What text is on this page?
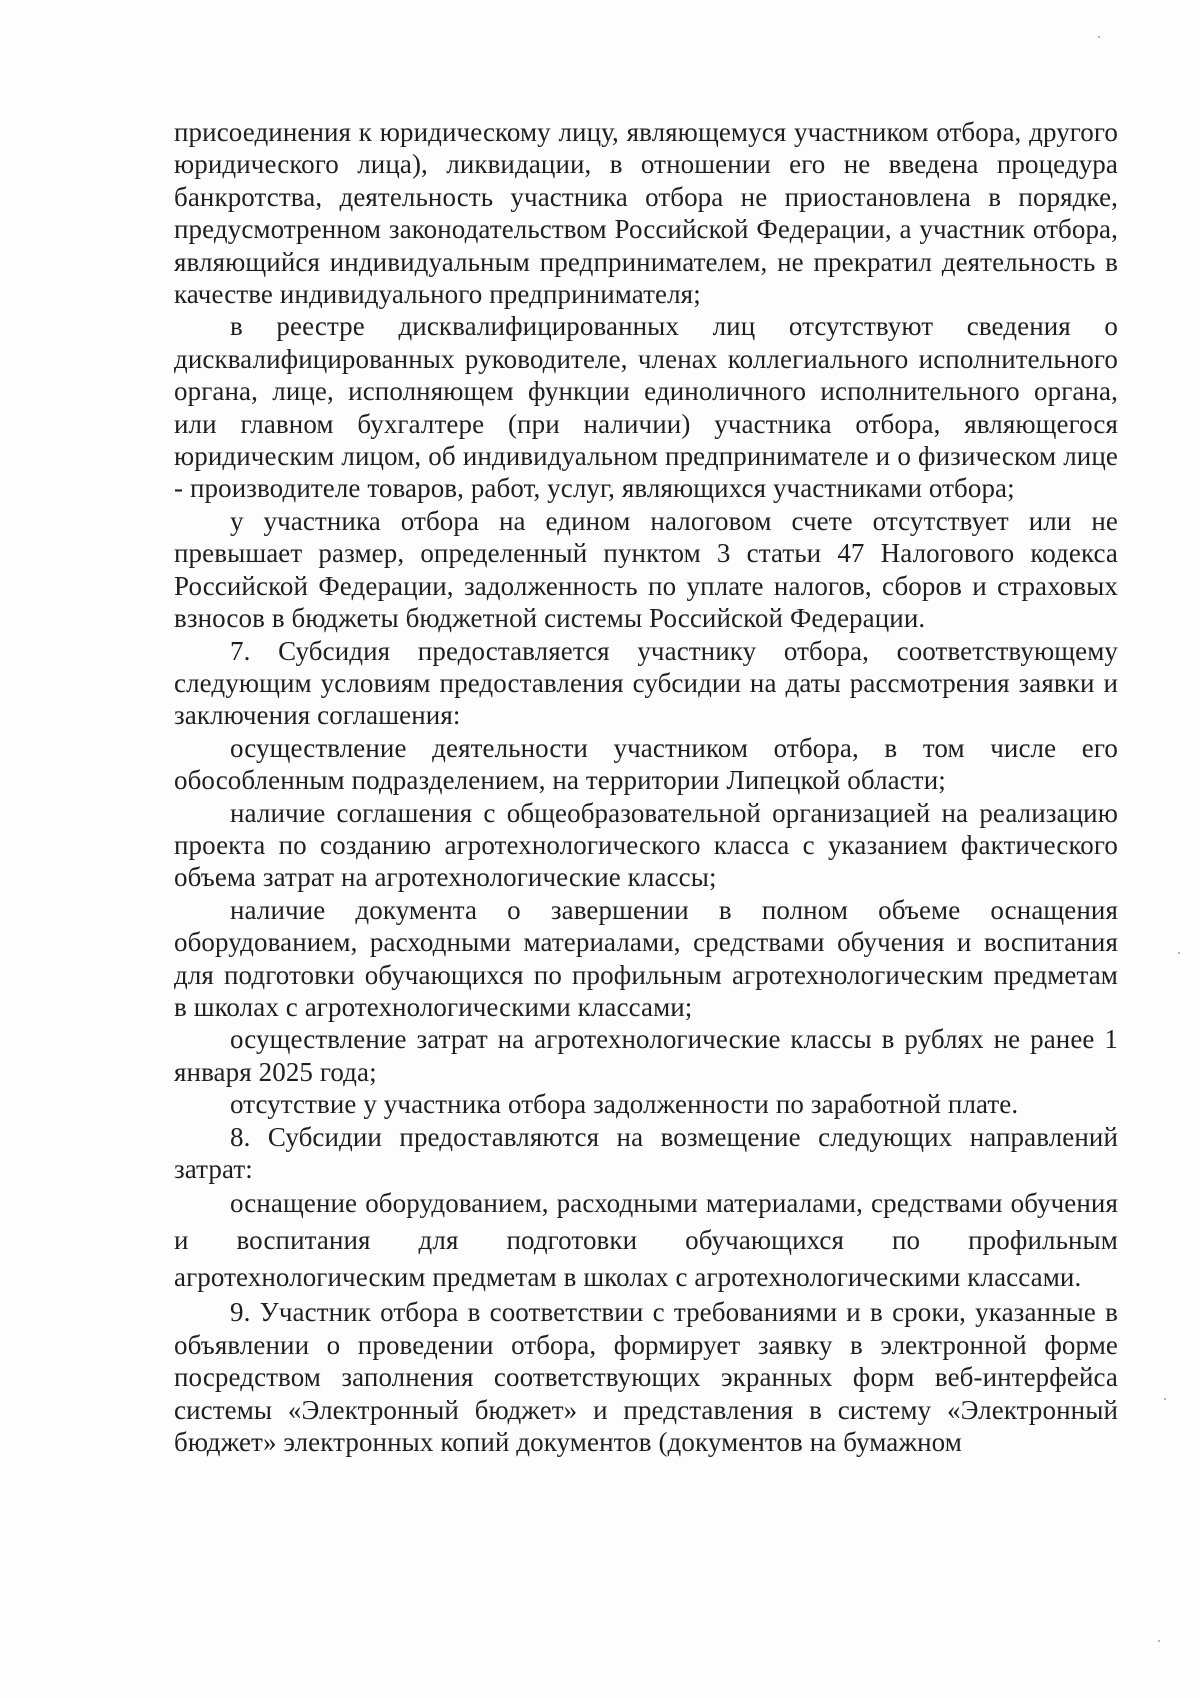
присоединения к юридическому лицу, являющемуся участником отбора, другого юридического лица), ликвидации, в отношении его не введена процедура банкротства, деятельность участника отбора не приостановлена в порядке, предусмотренном законодательством Российской Федерации, а участник отбора, являющийся индивидуальным предпринимателем, не прекратил деятельность в качестве индивидуального предпринимателя;

в реестре дисквалифицированных лиц отсутствуют сведения о дисквалифицированных руководителе, членах коллегиального исполнительного органа, лице, исполняющем функции единоличного исполнительного органа, или главном бухгалтере (при наличии) участника отбора, являющегося юридическим лицом, об индивидуальном предпринимателе и о физическом лице - производителе товаров, работ, услуг, являющихся участниками отбора;

у участника отбора на едином налоговом счете отсутствует или не превышает размер, определенный пунктом 3 статьи 47 Налогового кодекса Российской Федерации, задолженность по уплате налогов, сборов и страховых взносов в бюджеты бюджетной системы Российской Федерации.

7. Субсидия предоставляется участнику отбора, соответствующему следующим условиям предоставления субсидии на даты рассмотрения заявки и заключения соглашения:

осуществление деятельности участником отбора, в том числе его обособленным подразделением, на территории Липецкой области;

наличие соглашения с общеобразовательной организацией на реализацию проекта по созданию агротехнологического класса с указанием фактического объема затрат на агротехнологические классы;

наличие документа о завершении в полном объеме оснащения оборудованием, расходными материалами, средствами обучения и воспитания для подготовки обучающихся по профильным агротехнологическим предметам в школах с агротехнологическими классами;

осуществление затрат на агротехнологические классы в рублях не ранее 1 января 2025 года;

отсутствие у участника отбора задолженности по заработной плате.

8. Субсидии предоставляются на возмещение следующих направлений затрат:

оснащение оборудованием, расходными материалами, средствами обучения и воспитания для подготовки обучающихся по профильным агротехнологическим предметам в школах с агротехнологическими классами.

9. Участник отбора в соответствии с требованиями и в сроки, указанные в объявлении о проведении отбора, формирует заявку в электронной форме посредством заполнения соответствующих экранных форм веб-интерфейса системы «Электронный бюджет» и представления в систему «Электронный бюджет» электронных копий документов (документов на бумажном
